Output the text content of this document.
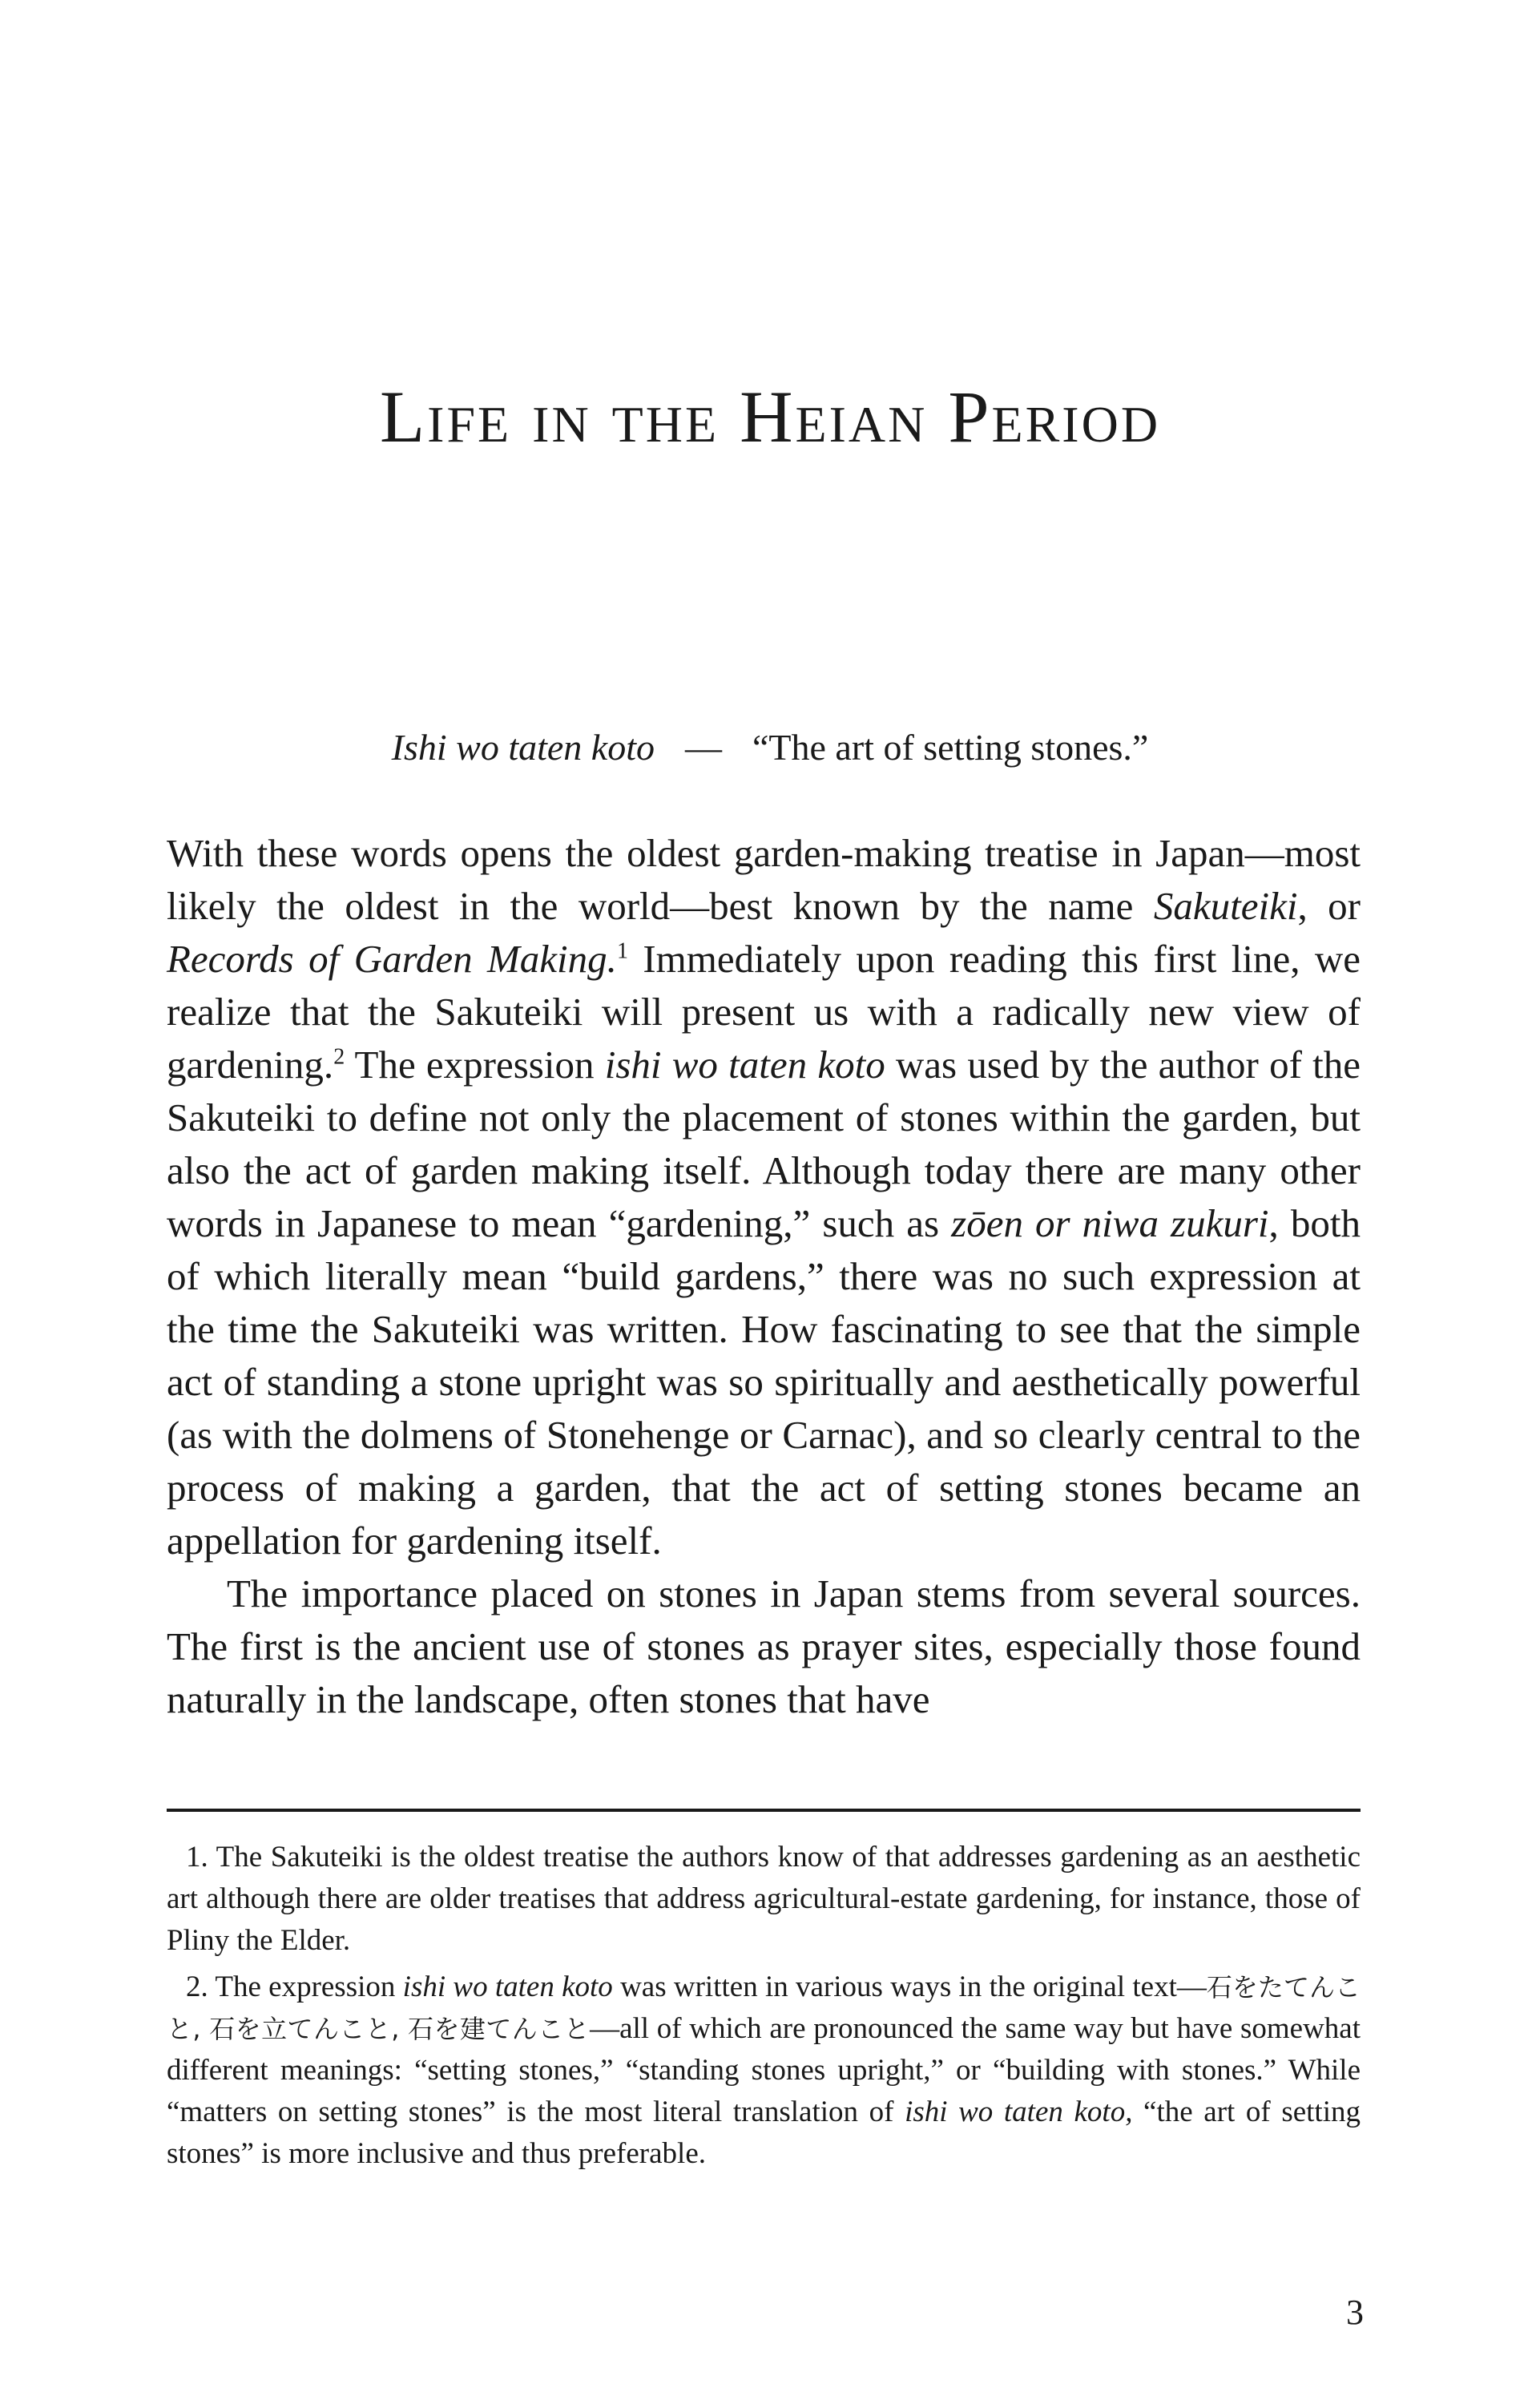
Life in the Heian Period
Ishi wo taten koto — “The art of setting stones.”

With these words opens the oldest garden-making treatise in Japan—most likely the oldest in the world—best known by the name Sakuteiki, or Records of Garden Making.$^1$ Immediately upon reading this first line, we realize that the Sakuteiki will present us with a radically new view of gardening.$^2$ The expression ishi wo taten koto was used by the author of the Sakuteiki to define not only the placement of stones within the garden, but also the act of garden making itself. Although today there are many other words in Japanese to mean “gardening,” such as zōen or niwa zukuri, both of which literally mean “build gardens,” there was no such expression at the time the Sakuteiki was written. How fascinating to see that the simple act of standing a stone upright was so spiritually and aesthetically powerful (as with the dolmens of Stonehenge or Carnac), and so clearly central to the process of making a garden, that the act of setting stones became an appellation for gardening itself.

The importance placed on stones in Japan stems from several sources. The first is the ancient use of stones as prayer sites, especially those found naturally in the landscape, often stones that have

1. The Sakuteiki is the oldest treatise the authors know of that addresses gardening as an aesthetic art although there are older treatises that address agricultural-estate gardening, for instance, those of Pliny the Elder.

2. The expression ishi wo taten koto was written in various ways in the original text—石をたてんこと, 石を立てんこと, 石を建てんこと—all of which are pronounced the same way but have somewhat different meanings: “setting stones,” “standing stones upright,” or “building with stones.” While “matters on setting stones” is the most literal translation of ishi wo taten koto, “the art of setting stones” is more inclusive and thus preferable.

3
